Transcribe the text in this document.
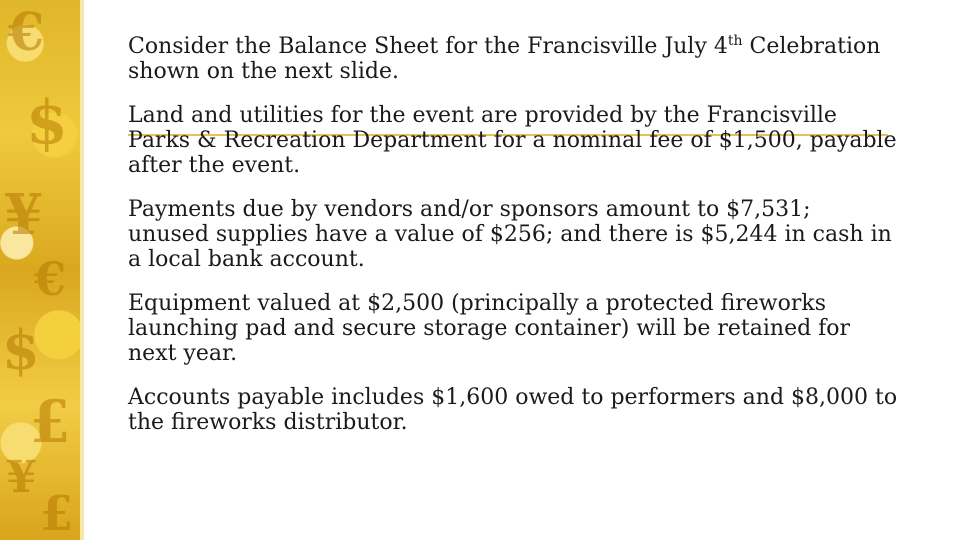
€
$
¥
€
$
£
¥
£

Consider the Balance Sheet for the Francisville July 4th Celebration shown on the next slide.

Land and utilities for the event are provided by the Francisville Parks & Recreation Department for a nominal fee of $1,500, payable after the event.

Payments due by vendors and/or sponsors amount to $7,531; unused supplies have a value of $256; and there is $5,244 in cash in a local bank account.

Equipment valued at $2,500 (principally a protected fireworks launching pad and secure storage container) will be retained for next year.

Accounts payable includes $1,600 owed to performers and $8,000 to the fireworks distributor.
